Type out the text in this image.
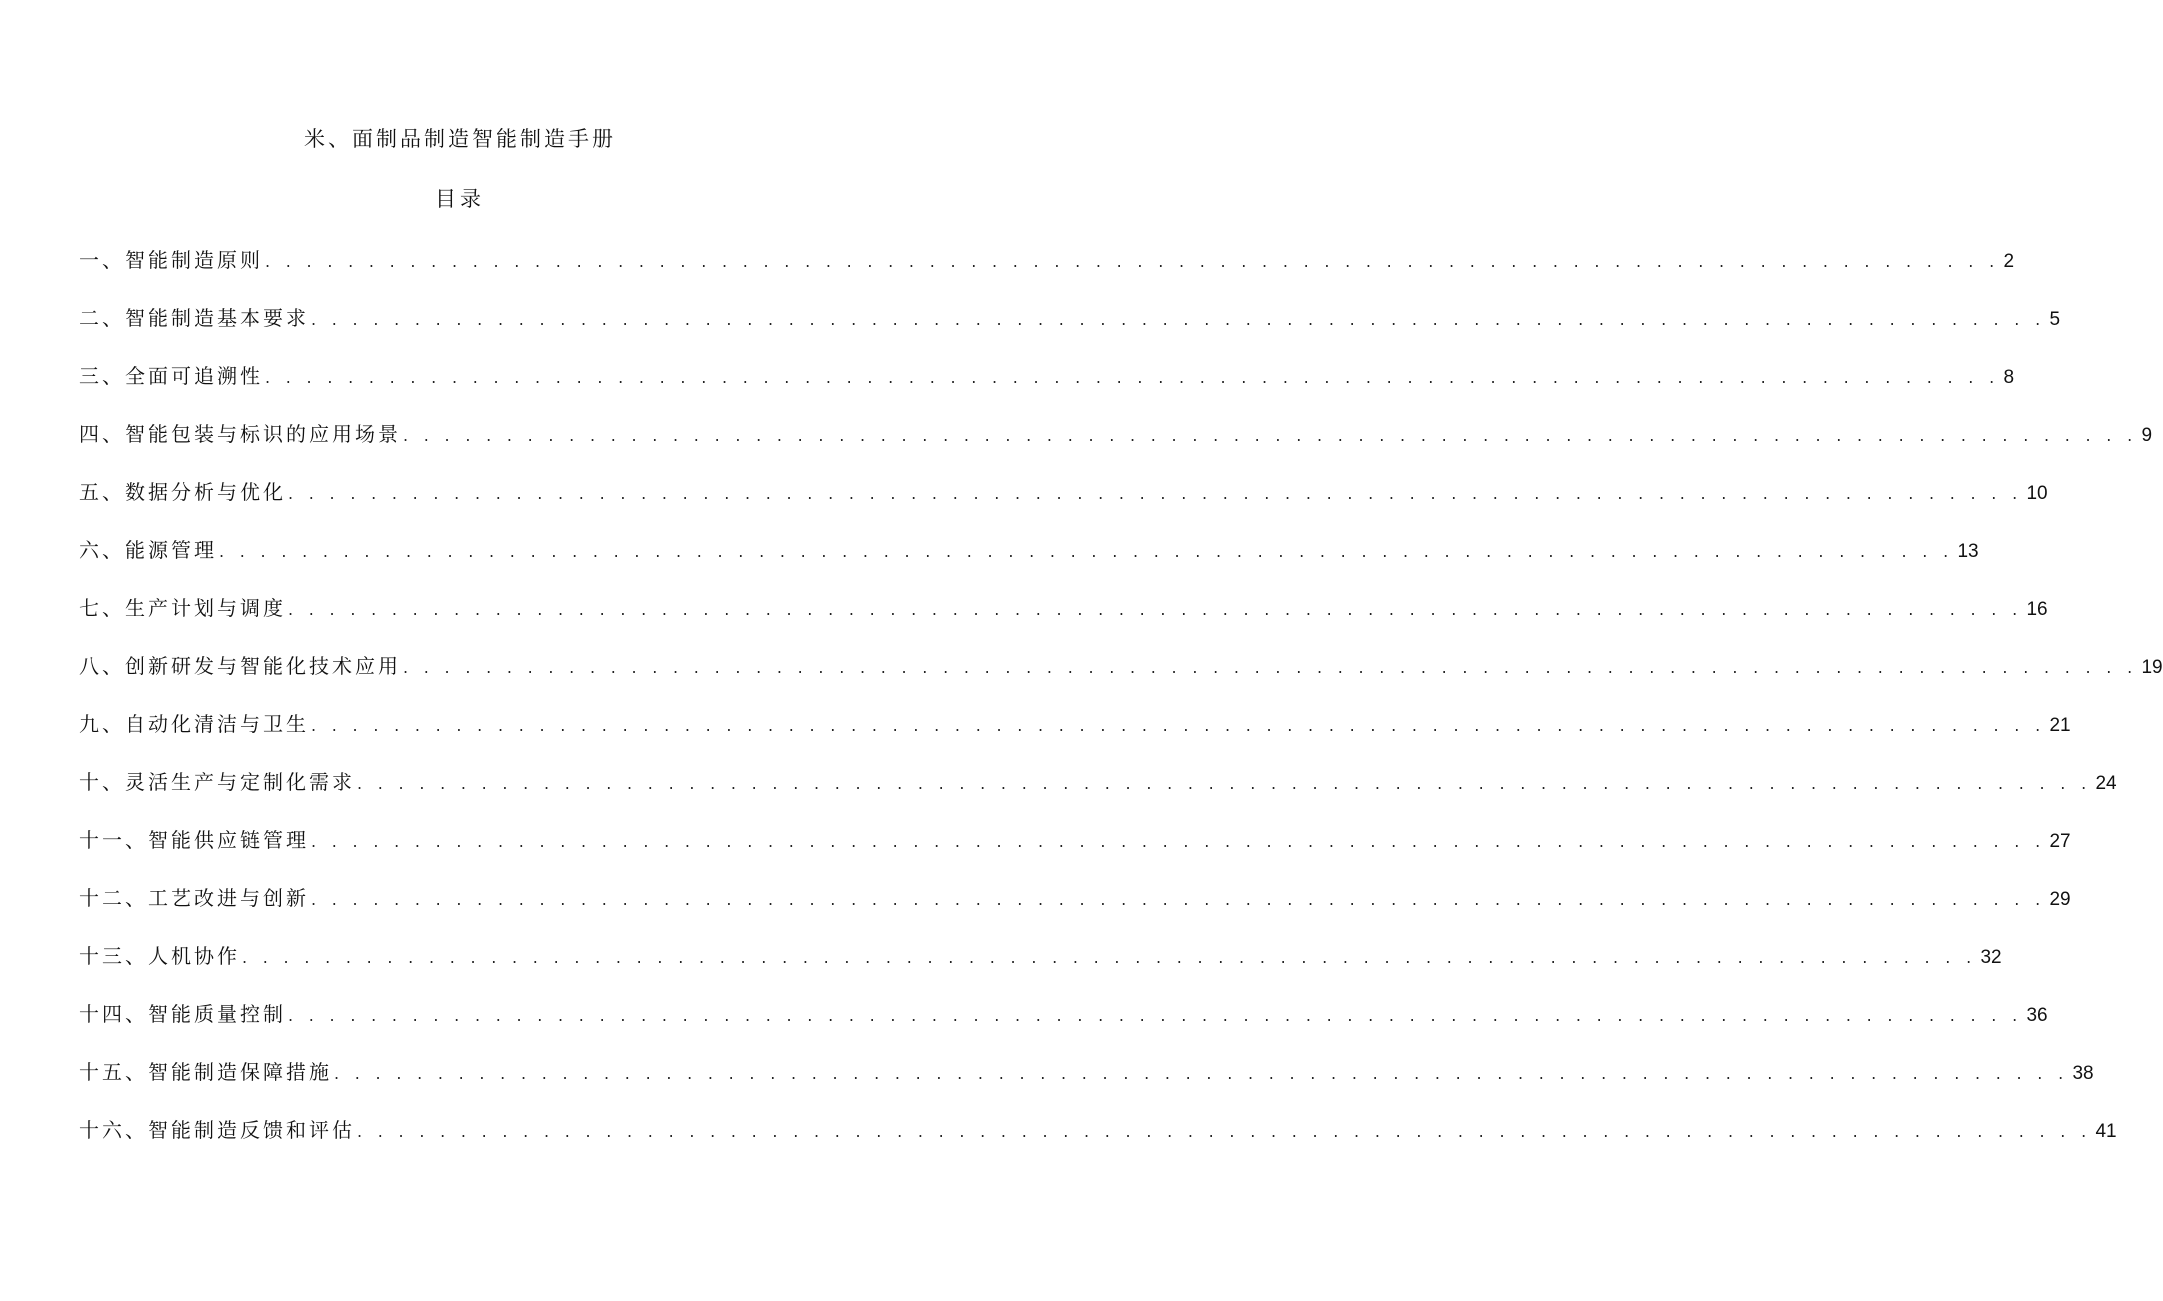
米、面制品制造智能制造手册
目录
一、智能制造原则 . . . . . . . . . . . . . . . . . . . . . . . . . . . . . . . . . . . . . . . . . . . . . . . . . . . . . . . . . . . . . . . . . . . . . . . . . . . . . . . . . . . . 2
二、智能制造基本要求 . . . . . . . . . . . . . . . . . . . . . . . . . . . . . . . . . . . . . . . . . . . . . . . . . . . . . . . . . . . . . . . . . . . . . . . . . . . . . . . . . . . . 5
三、全面可追溯性 . . . . . . . . . . . . . . . . . . . . . . . . . . . . . . . . . . . . . . . . . . . . . . . . . . . . . . . . . . . . . . . . . . . . . . . . . . . . . . . . . . . . 8
四、智能包装与标识的应用场景 . . . . . . . . . . . . . . . . . . . . . . . . . . . . . . . . . . . . . . . . . . . . . . . . . . . . . . . . . . . . . . . . . . . . . . . . . . . . . . . . . . . . 9
五、数据分析与优化 . . . . . . . . . . . . . . . . . . . . . . . . . . . . . . . . . . . . . . . . . . . . . . . . . . . . . . . . . . . . . . . . . . . . . . . . . . . . . . . . . . . . 10
六、能源管理 . . . . . . . . . . . . . . . . . . . . . . . . . . . . . . . . . . . . . . . . . . . . . . . . . . . . . . . . . . . . . . . . . . . . . . . . . . . . . . . . . . . . 13
七、生产计划与调度 . . . . . . . . . . . . . . . . . . . . . . . . . . . . . . . . . . . . . . . . . . . . . . . . . . . . . . . . . . . . . . . . . . . . . . . . . . . . . . . . . . . . 16
八、创新研发与智能化技术应用 . . . . . . . . . . . . . . . . . . . . . . . . . . . . . . . . . . . . . . . . . . . . . . . . . . . . . . . . . . . . . . . . . . . . . . . . . . . . . . . . . . . . 19
九、自动化清洁与卫生 . . . . . . . . . . . . . . . . . . . . . . . . . . . . . . . . . . . . . . . . . . . . . . . . . . . . . . . . . . . . . . . . . . . . . . . . . . . . . . . . . . . . 21
十、灵活生产与定制化需求 . . . . . . . . . . . . . . . . . . . . . . . . . . . . . . . . . . . . . . . . . . . . . . . . . . . . . . . . . . . . . . . . . . . . . . . . . . . . . . . . . . . . 24
十一、智能供应链管理 . . . . . . . . . . . . . . . . . . . . . . . . . . . . . . . . . . . . . . . . . . . . . . . . . . . . . . . . . . . . . . . . . . . . . . . . . . . . . . . . . . . . 27
十二、工艺改进与创新 . . . . . . . . . . . . . . . . . . . . . . . . . . . . . . . . . . . . . . . . . . . . . . . . . . . . . . . . . . . . . . . . . . . . . . . . . . . . . . . . . . . . 29
十三、人机协作 . . . . . . . . . . . . . . . . . . . . . . . . . . . . . . . . . . . . . . . . . . . . . . . . . . . . . . . . . . . . . . . . . . . . . . . . . . . . . . . . . . . . 32
十四、智能质量控制 . . . . . . . . . . . . . . . . . . . . . . . . . . . . . . . . . . . . . . . . . . . . . . . . . . . . . . . . . . . . . . . . . . . . . . . . . . . . . . . . . . . . 36
十五、智能制造保障措施 . . . . . . . . . . . . . . . . . . . . . . . . . . . . . . . . . . . . . . . . . . . . . . . . . . . . . . . . . . . . . . . . . . . . . . . . . . . . . . . . . . . . 38
十六、智能制造反馈和评估 . . . . . . . . . . . . . . . . . . . . . . . . . . . . . . . . . . . . . . . . . . . . . . . . . . . . . . . . . . . . . . . . . . . . . . . . . . . . . . . . . . . . 41
